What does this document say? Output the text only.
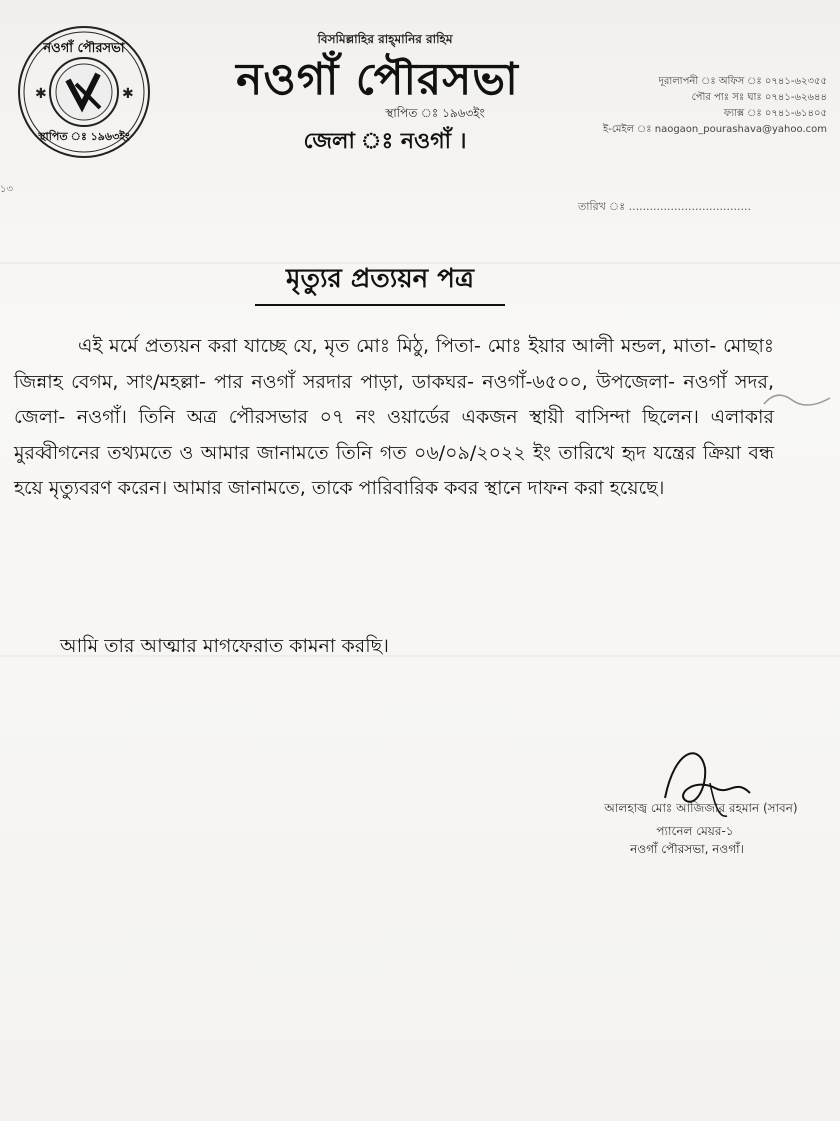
✱	✱
নওগাঁ পৌরসভা
স্থাপিত ঃ ১৯৬৩ইং
বিসমিল্লাহির রাহ্‌মানির রাহিম
নওগাঁ পৌরসভা
স্থাপিত ঃ ১৯৬৩ইং
জেলা ঃ নওগাঁ ।
দূরালাপনী ঃ অফিস ঃ ০৭৪১-৬২৩৫৫
পৌর পাঃ সঃ ঘাঃ ০৭৪১-৬২৬৪৪
ফ্যাক্স ঃ ০৭৪১-৬১৪০৫
ই-মেইল ঃ naogaon_pourashava@yahoo.com
১৩
তারিখ ঃ ...................................
মৃত্যুর প্রত্যয়ন পত্র
এই মর্মে প্রত্যয়ন করা যাচ্ছে যে, মৃত মোঃ মিঠু, পিতা- মোঃ ইয়ার আলী মন্ডল, মাতা- মোছাঃ জিন্নাহ বেগম, সাং/মহল্লা- পার নওগাঁ সরদার পাড়া, ডাকঘর- নওগাঁ-৬৫০০, উপজেলা- নওগাঁ সদর, জেলা- নওগাঁ। তিনি অত্র পৌরসভার ০৭ নং ওয়ার্ডের একজন স্থায়ী বাসিন্দা ছিলেন। এলাকার মুরব্বীগনের তথ্যমতে ও আমার জানামতে তিনি গত ০৬/০৯/২০২২ ইং তারিখে হৃদ যন্ত্রের ক্রিয়া বন্ধ হয়ে মৃত্যুবরণ করেন। আমার জানামতে, তাকে পারিবারিক কবর স্থানে দাফন করা হয়েছে।
আমি তার আত্মার মাগফেরাত কামনা করছি।
আলহাজ্ব মোঃ আজিজার রহমান (সাবন)
প্যানেল মেয়র-১
নওগাঁ পৌরসভা, নওগাঁ।
